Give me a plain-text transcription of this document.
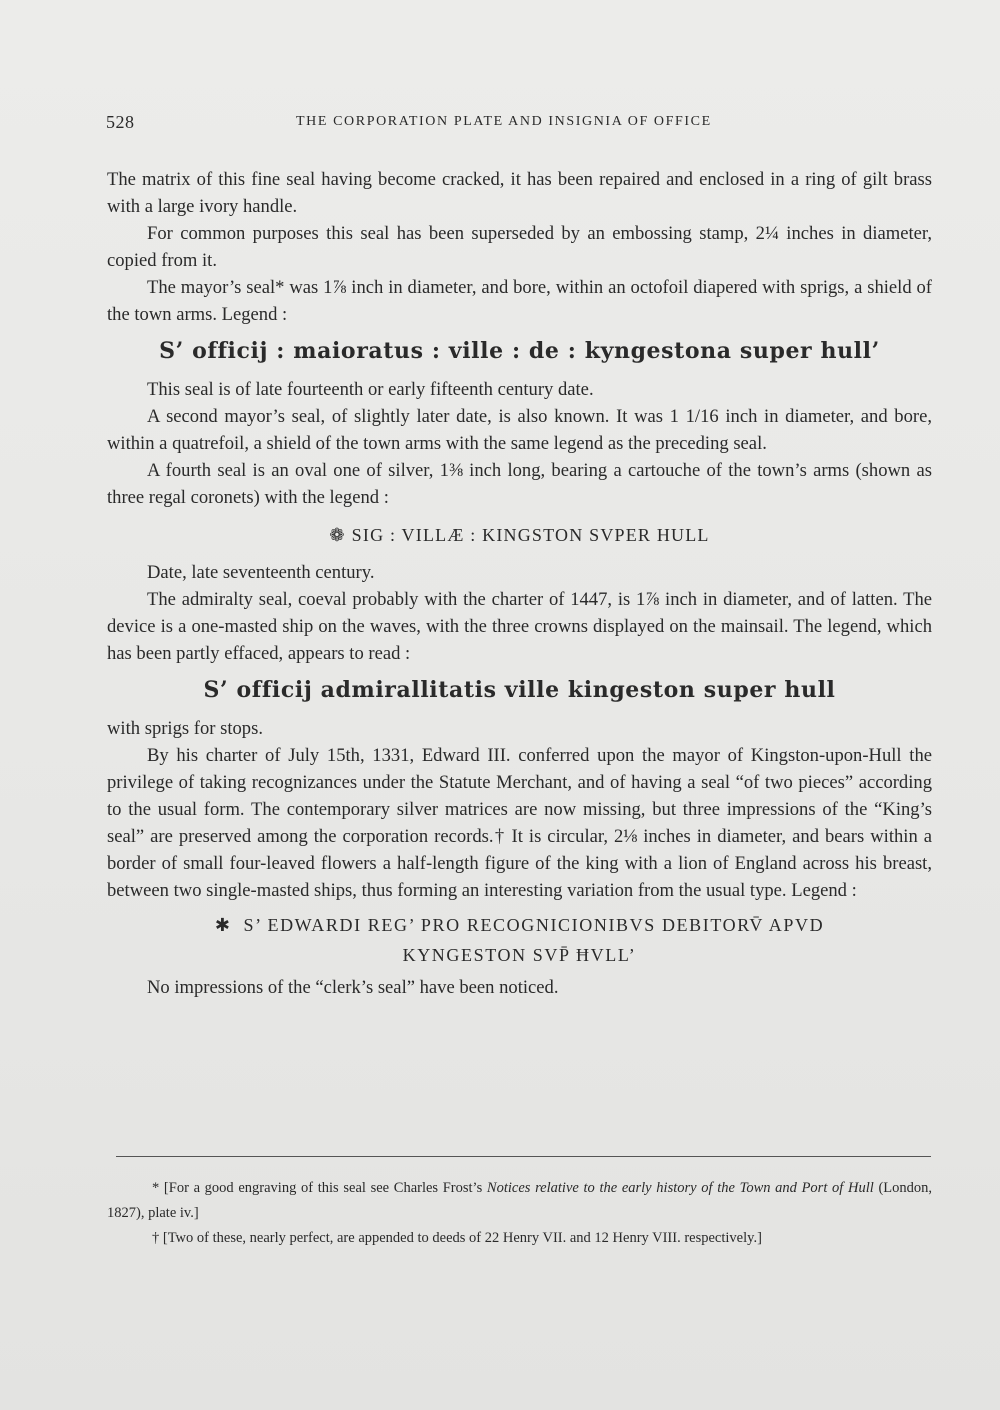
528	THE CORPORATION PLATE AND INSIGNIA OF OFFICE

The matrix of this fine seal having become cracked, it has been repaired and enclosed in a ring of gilt brass with a large ivory handle.

For common purposes this seal has been superseded by an embossing stamp, 2¼ inches in diameter, copied from it.

The mayor’s seal* was 1⅞ inch in diameter, and bore, within an octofoil diapered with sprigs, a shield of the town arms. Legend :

S’ officij : maioratus : ville : de : kyngestona super hull’

This seal is of late fourteenth or early fifteenth century date.

A second mayor’s seal, of slightly later date, is also known. It was 1 1/16 inch in diameter, and bore, within a quatrefoil, a shield of the town arms with the same legend as the preceding seal.

A fourth seal is an oval one of silver, 1⅜ inch long, bearing a cartouche of the town’s arms (shown as three regal coronets) with the legend :

❁ SIG : VILLÆ : KINGSTON SVPER HULL

Date, late seventeenth century.

The admiralty seal, coeval probably with the charter of 1447, is 1⅞ inch in diameter, and of latten. The device is a one-masted ship on the waves, with the three crowns displayed on the mainsail. The legend, which has been partly effaced, appears to read :

S’ officij admirallitatis ville kingeston super hull

with sprigs for stops.

By his charter of July 15th, 1331, Edward III. conferred upon the mayor of Kingston-upon-Hull the privilege of taking recognizances under the Statute Merchant, and of having a seal “of two pieces” according to the usual form. The contemporary silver matrices are now missing, but three impressions of the “King’s seal” are preserved among the corporation records.† It is circular, 2⅛ inches in diameter, and bears within a border of small four-leaved flowers a half-length figure of the king with a lion of England across his breast, between two single-masted ships, thus forming an interesting variation from the usual type. Legend :

✱ S’ EDWARDI REG’ PRO RECOGNICIONIBVS DEBITORV̄ APVD
KYNGESTON SVP̄ ĦVLL’

No impressions of the “clerk’s seal” have been noticed.

* [For a good engraving of this seal see Charles Frost’s Notices relative to the early history of the Town and Port of Hull (London, 1827), plate iv.]

† [Two of these, nearly perfect, are appended to deeds of 22 Henry VII. and 12 Henry VIII. respectively.]
